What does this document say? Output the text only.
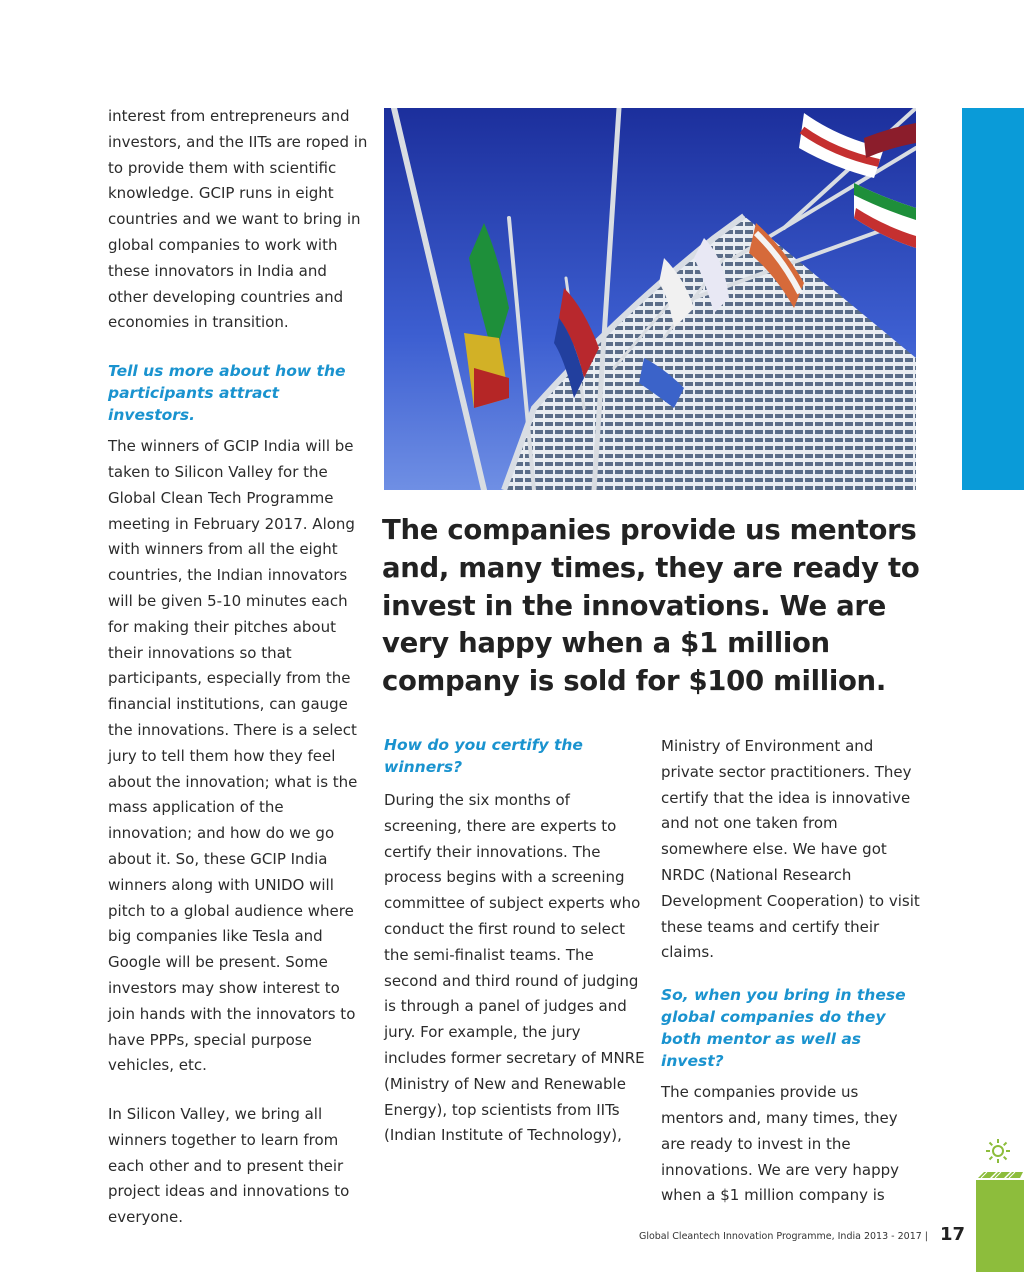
interest from entrepreneurs and investors, and the IITs are roped in to provide them with scientific knowledge. GCIP runs in eight countries and we want to bring in global companies to work with these innovators in India and other developing countries and economies in transition.

Tell us more about how the participants attract investors.

The winners of GCIP India will be taken to Silicon Valley for the Global Clean Tech Programme meeting in February 2017. Along with winners from all the eight countries, the Indian innovators will be given 5-10 minutes each for making their pitches about their innovations so that participants, especially from the financial institutions, can gauge the innovations. There is a select jury to tell them how they feel about the innovation; what is the mass application of the innovation; and how do we go about it. So, these GCIP India winners along with UNIDO will pitch to a global audience where big companies like Tesla and Google will be present. Some investors may show interest to join hands with the innovators to have PPPs, special purpose vehicles, etc.

In Silicon Valley, we bring all winners together to learn from each other and to present their project ideas and innovations to everyone.

The companies provide us mentors and, many times, they are ready to invest in the innovations. We are very happy when a $1 million company is sold for $100 million.

How do you certify the winners?

During the six months of screening, there are experts to certify their innovations. The process begins with a screening committee of subject experts who conduct the first round to select the semi-finalist teams. The second and third round of judging is through a panel of judges and jury. For example, the jury includes former secretary of MNRE (Ministry of New and Renewable Energy), top scientists from IITs (Indian Institute of Technology),

Ministry of Environment and private sector practitioners. They certify that the idea is innovative and not one taken from somewhere else. We have got NRDC (National Research Development Cooperation) to visit these teams and certify their claims.

So, when you bring in these global companies do they both mentor as well as invest?

The companies provide us mentors and, many times, they are ready to invest in the innovations. We are very happy when a $1 million company is

Global Cleantech Innovation Programme, India 2013 - 2017 | 17
